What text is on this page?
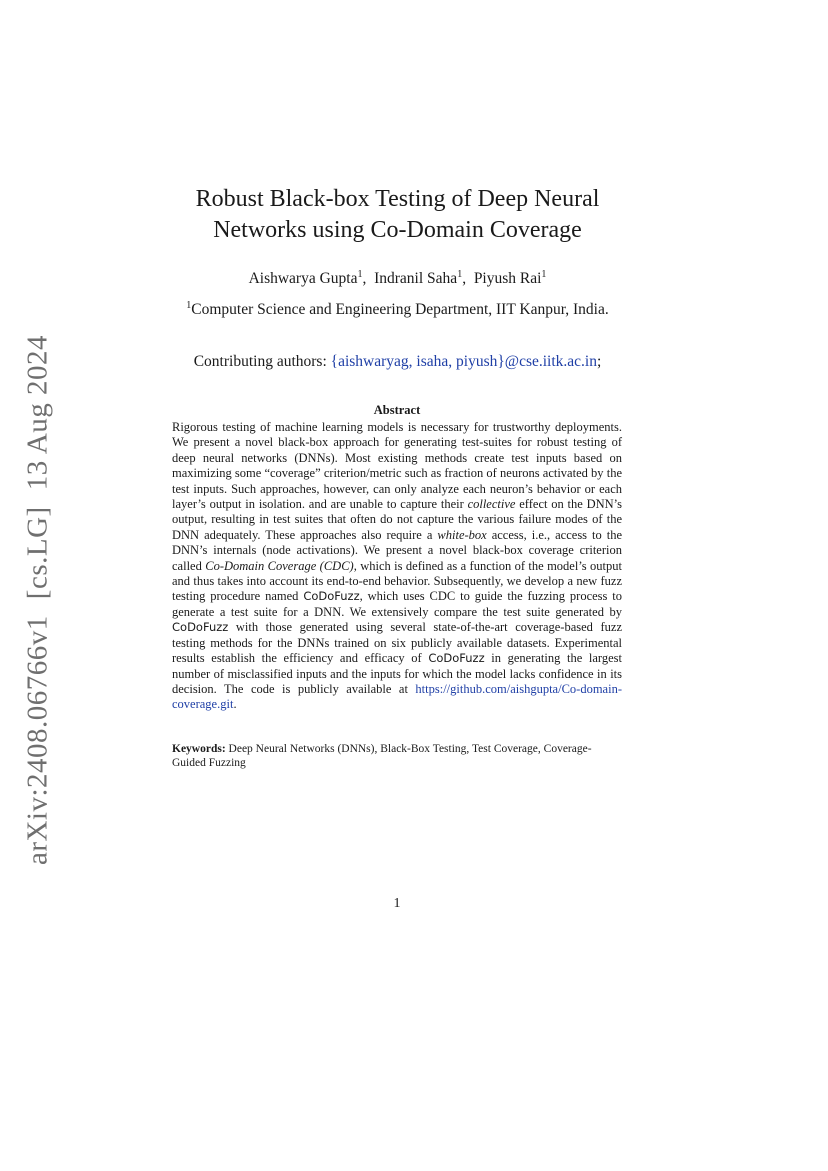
arXiv:2408.06766v1[cs.LG]13 Aug 2024
Robust Black-box Testing of Deep Neural
Networks using Co-Domain Coverage
Aishwarya Gupta$^1$,  Indranil Saha$^1$,  Piyush Rai$^1$
$^1$Computer Science and Engineering Department, IIT Kanpur, India.
Contributing authors: {aishwaryag, isaha, piyush}@cse.iitk.ac.in;
Abstract
Rigorous testing of machine learning models is necessary for trustworthy deployments. We present a novel black-box approach for generating test-suites for robust testing of deep neural networks (DNNs). Most existing methods create test inputs based on maximizing some “coverage” criterion/metric such as fraction of neurons activated by the test inputs. Such approaches, however, can only analyze each neuron’s behavior or each layer’s output in isolation. and are unable to capture their collective effect on the DNN’s output, resulting in test suites that often do not capture the various failure modes of the DNN adequately. These approaches also require a white-box access, i.e., access to the DNN’s internals (node activations). We present a novel black-box coverage criterion called Co-Domain Coverage (CDC), which is defined as a function of the model’s output and thus takes into account its end-to-end behavior. Subsequently, we develop a new fuzz testing procedure named CoDoFuzz, which uses CDC to guide the fuzzing process to generate a test suite for a DNN. We extensively compare the test suite generated by CoDoFuzz with those generated using several state-of-the-art coverage-based fuzz testing methods for the DNNs trained on six publicly available datasets. Experimental results establish the efficiency and efficacy of CoDoFuzz in generating the largest number of misclassified inputs and the inputs for which the model lacks confidence in its decision. The code is publicly available at https://github.com/aishgupta/Co-domain-coverage.git.
Keywords: Deep Neural Networks (DNNs), Black-Box Testing, Test Coverage, Coverage-Guided Fuzzing
1
